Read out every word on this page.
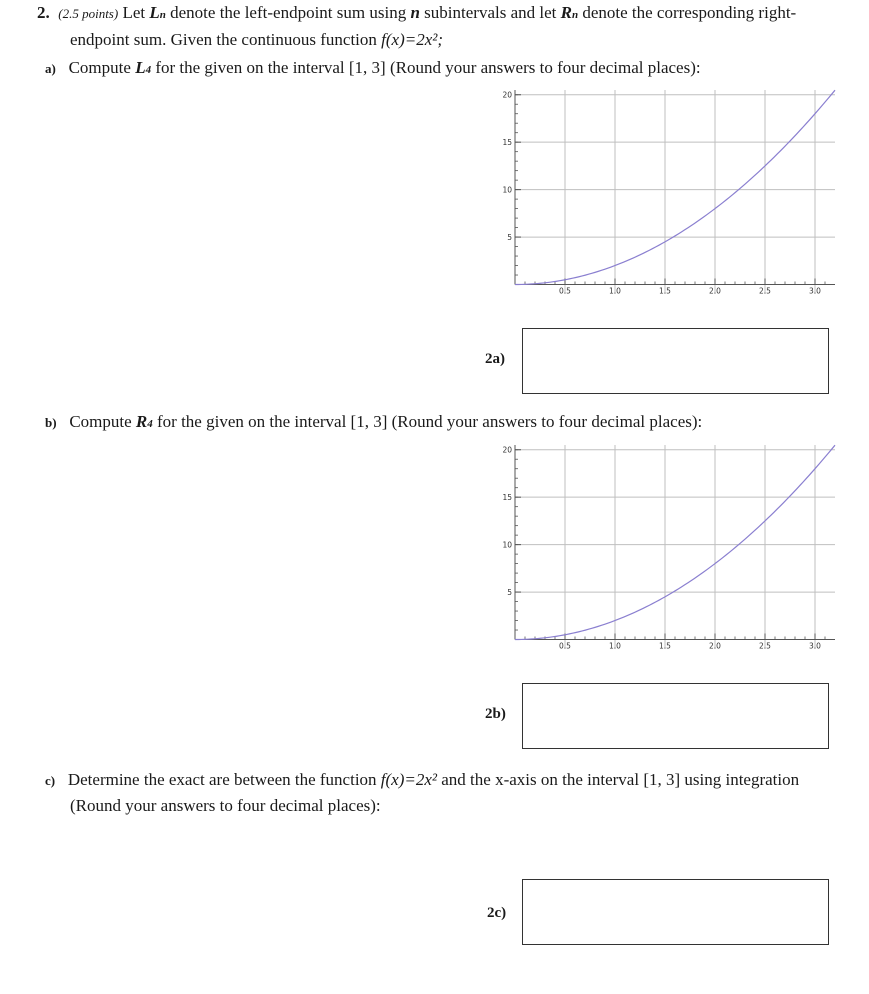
2. (2.5 points) Let Ln denote the left-endpoint sum using n subintervals and let Rn denote the corresponding right-
endpoint sum. Given the continuous function f(x)=2x²;
a) Compute L4 for the given on the interval [1, 3] (Round your answers to four decimal places):
0.5	1.0	1.5	2.0	2.5	3.0
5
10
15
20
2a)
b) Compute R4 for the given on the interval [1, 3] (Round your answers to four decimal places):
0.5	1.0	1.5	2.0	2.5	3.0
5
10
15
20
2b)
c) Determine the exact are between the function f(x)=2x² and the x-axis on the interval [1, 3] using integration
(Round your answers to four decimal places):
2c)
